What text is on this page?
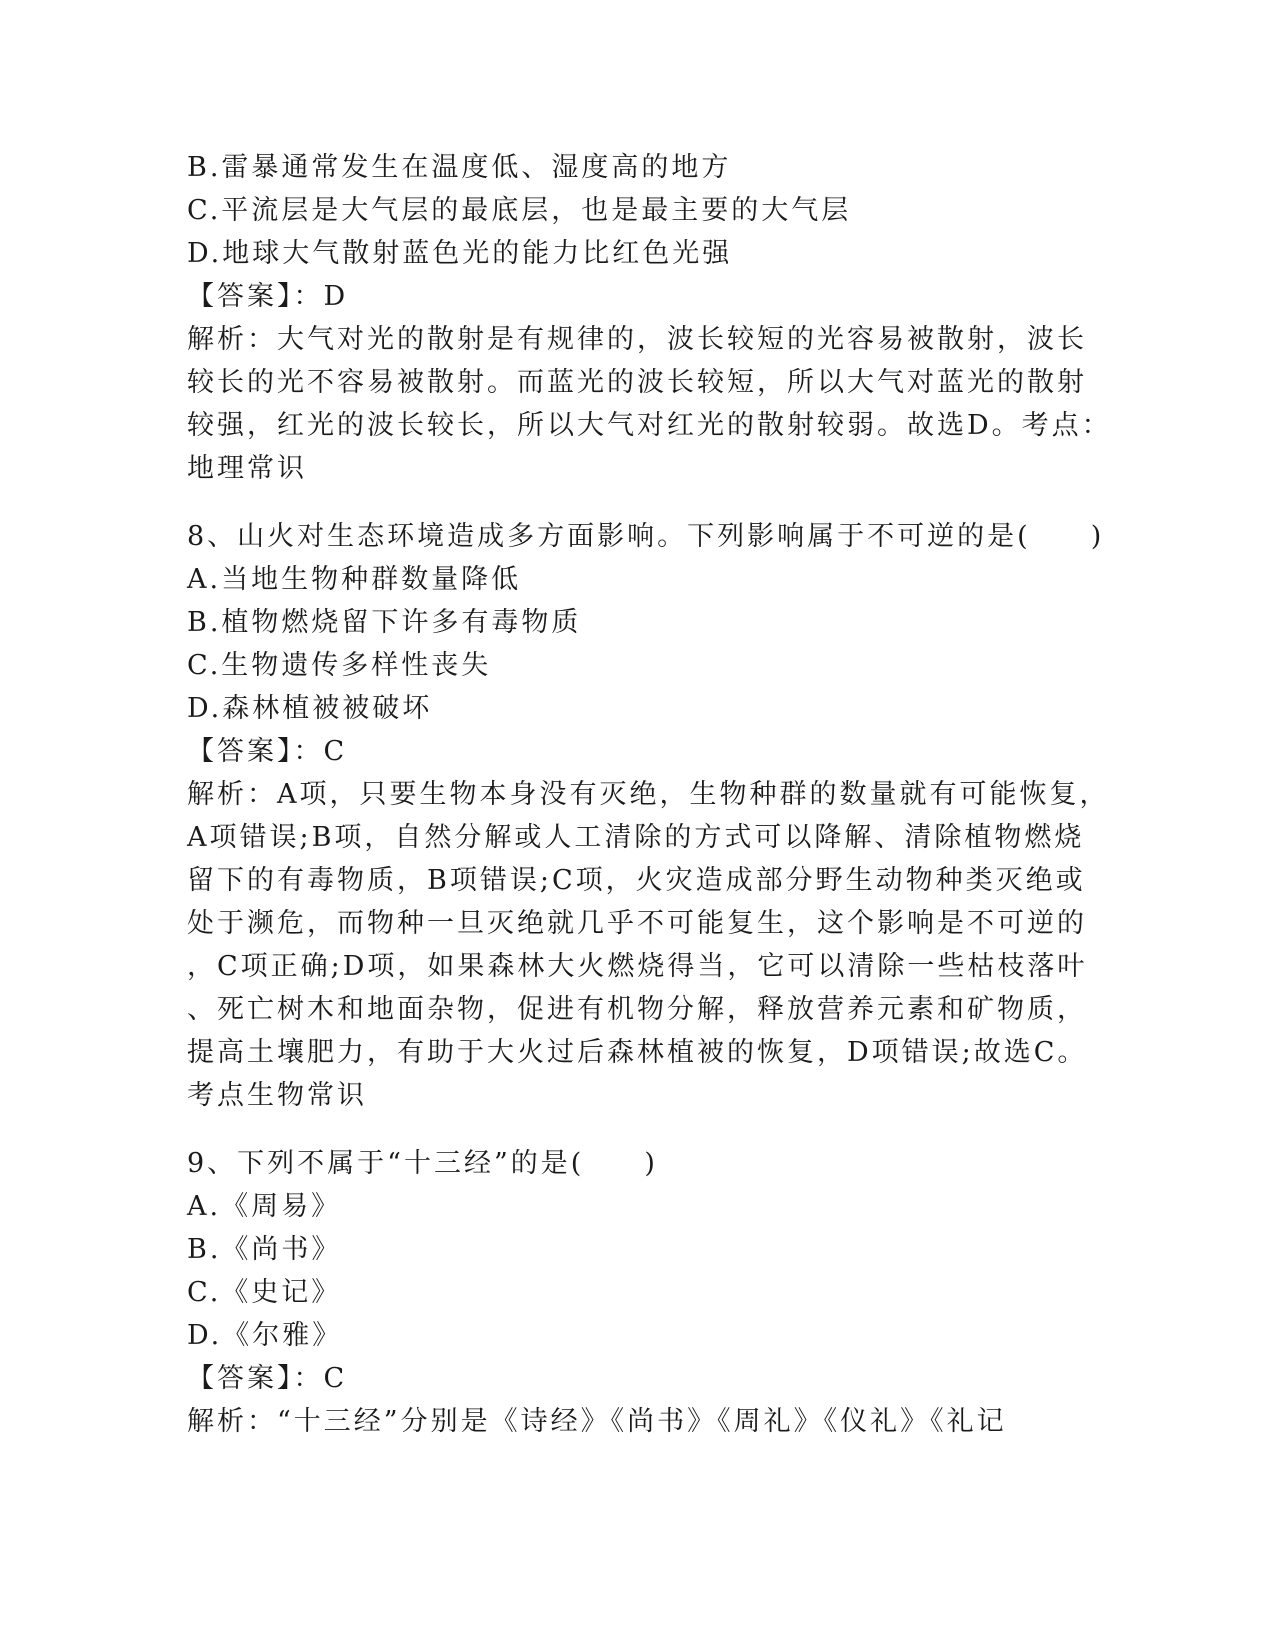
B.雷暴通常发生在温度低、湿度高的地方
C.平流层是大气层的最底层，也是最主要的大气层
D.地球大气散射蓝色光的能力比红色光强
【答案】：D
解析：大气对光的散射是有规律的，波长较短的光容易被散射，波长
较长的光不容易被散射。而蓝光的波长较短，所以大气对蓝光的散射
较强，红光的波长较长，所以大气对红光的散射较弱。故选D。考点：
地理常识
8、山火对生态环境造成多方面影响。下列影响属于不可逆的是(　　)
A.当地生物种群数量降低
B.植物燃烧留下许多有毒物质
C.生物遗传多样性丧失
D.森林植被被破坏
【答案】：C
解析：A项，只要生物本身没有灭绝，生物种群的数量就有可能恢复，
A项错误;B项，自然分解或人工清除的方式可以降解、清除植物燃烧
留下的有毒物质，B项错误;C项，火灾造成部分野生动物种类灭绝或
处于濒危，而物种一旦灭绝就几乎不可能复生，这个影响是不可逆的
，C项正确;D项，如果森林大火燃烧得当，它可以清除一些枯枝落叶
、死亡树木和地面杂物，促进有机物分解，释放营养元素和矿物质，
提高土壤肥力，有助于大火过后森林植被的恢复，D项错误;故选C。
考点生物常识
9、下列不属于“十三经”的是(　　)
A.《周易》
B.《尚书》
C.《史记》
D.《尔雅》
【答案】：C
解析：“十三经”分别是《诗经》《尚书》《周礼》《仪礼》《礼记
